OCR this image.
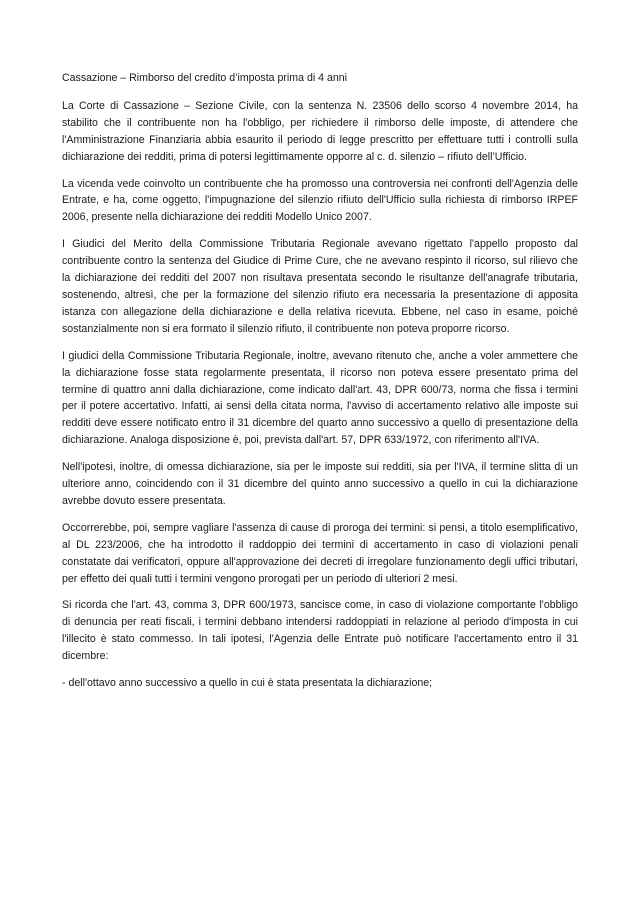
Cassazione – Rimborso del credito d’imposta prima di 4 anni

La Corte di Cassazione – Sezione Civile, con la sentenza N. 23506 dello scorso 4 novembre 2014, ha stabilito che il contribuente non ha l'obbligo, per richiedere il rimborso delle imposte, di attendere che l'Amministrazione Finanziaria abbia esaurito il periodo di legge prescritto per effettuare tutti i controlli sulla dichiarazione dei redditi, prima di potersi legittimamente opporre al c. d. silenzio – rifiuto dell’Ufficio.

La vicenda vede coinvolto un contribuente che ha promosso una controversia nei confronti dell'Agenzia delle Entrate, e ha, come oggetto, l'impugnazione del silenzio rifiuto dell'Ufficio sulla richiesta di rimborso IRPEF 2006, presente nella dichiarazione dei redditi Modello Unico 2007.

I Giudici del Merito della Commissione Tributaria Regionale avevano rigettato l'appello proposto dal contribuente contro la sentenza del Giudice di Prime Cure, che ne avevano respinto il ricorso, sul rilievo che la dichiarazione dei redditi del 2007 non risultava presentata secondo le risultanze dell'anagrafe tributaria, sostenendo, altresì, che per la formazione del silenzio rifiuto era necessaria la presentazione di apposita istanza con allegazione della dichiarazione e della relativa ricevuta. Ebbene, nel caso in esame, poiché sostanzialmente non si era formato il silenzio rifiuto, il contribuente non poteva proporre ricorso.

I giudici della Commissione Tributaria Regionale, inoltre, avevano ritenuto che, anche a voler ammettere che la dichiarazione fosse stata regolarmente presentata, il ricorso non poteva essere presentato prima del termine di quattro anni dalla dichiarazione, come indicato dall'art. 43, DPR 600/73, norma che fissa i termini per il potere accertativo. Infatti, ai sensi della citata norma, l'avviso di accertamento relativo alle imposte sui redditi deve essere notificato entro il 31 dicembre del quarto anno successivo a quello di presentazione della dichiarazione. Analoga disposizione è, poi, prevista dall'art. 57, DPR 633/1972, con riferimento all'IVA.

Nell'ipotesi, inoltre, di omessa dichiarazione, sia per le imposte sui redditi, sia per l'IVA, il termine slitta di un ulteriore anno, coincidendo con il 31 dicembre del quinto anno successivo a quello in cui la dichiarazione avrebbe dovuto essere presentata.

Occorrerebbe, poi, sempre vagliare l'assenza di cause di proroga dei termini: si pensi, a titolo esemplificativo, al DL 223/2006, che ha introdotto il raddoppio dei termini di accertamento in caso di violazioni penali constatate dai verificatori, oppure all'approvazione dei decreti di irregolare funzionamento degli uffici tributari, per effetto dei quali tutti i termini vengono prorogati per un periodo di ulteriori 2 mesi.

Si ricorda che l'art. 43, comma 3, DPR 600/1973, sancisce come, in caso di violazione comportante l'obbligo di denuncia per reati fiscali, i termini debbano intendersi raddoppiati in relazione al periodo d'imposta in cui l'illecito è stato commesso. In tali ipotesi, l'Agenzia delle Entrate può notificare l'accertamento entro il 31 dicembre:

- dell'ottavo anno successivo a quello in cui è stata presentata la dichiarazione;
